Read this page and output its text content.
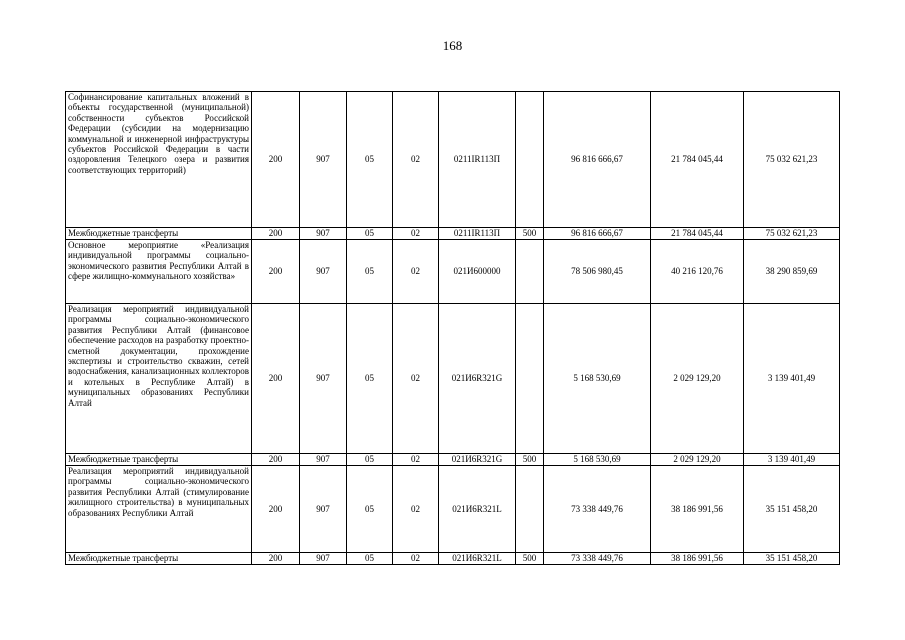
168
Софинансирование капитальных вложений в объекты государственной (муниципальной) собственности субъектов Российской Федерации (субсидии на модернизацию коммунальной и инженерной инфраструктуры субъектов Российской Федерации в части оздоровления Телецкого озера и развития соответствующих территорий)	200	907	05	02	0211IR113П		96 816 666,67	21 784 045,44	75 032 621,23
Межбюджетные трансферты	200	907	05	02	0211IR113П	500	96 816 666,67	21 784 045,44	75 032 621,23
Основное мероприятие «Реализация индивидуальной программы социально-экономического развития Республики Алтай в сфере жилищно-коммунального хозяйства»	200	907	05	02	021И600000		78 506 980,45	40 216 120,76	38 290 859,69
Реализация мероприятий индивидуальной программы социально-экономического развития Республики Алтай (финансовое обеспечение расходов на разработку проектно-сметной документации, прохождение экспертизы и строительство скважин, сетей водоснабжения, канализационных коллекторов и котельных в Республике Алтай) в муниципальных образованиях Республики Алтай	200	907	05	02	021И6R321G		5 168 530,69	2 029 129,20	3 139 401,49
Межбюджетные трансферты	200	907	05	02	021И6R321G	500	5 168 530,69	2 029 129,20	3 139 401,49
Реализация мероприятий индивидуальной программы социально-экономического развития Республики Алтай (стимулирование жилищного строительства) в муниципальных образованиях Республики Алтай	200	907	05	02	021И6R321L		73 338 449,76	38 186 991,56	35 151 458,20
Межбюджетные трансферты	200	907	05	02	021И6R321L	500	73 338 449,76	38 186 991,56	35 151 458,20
